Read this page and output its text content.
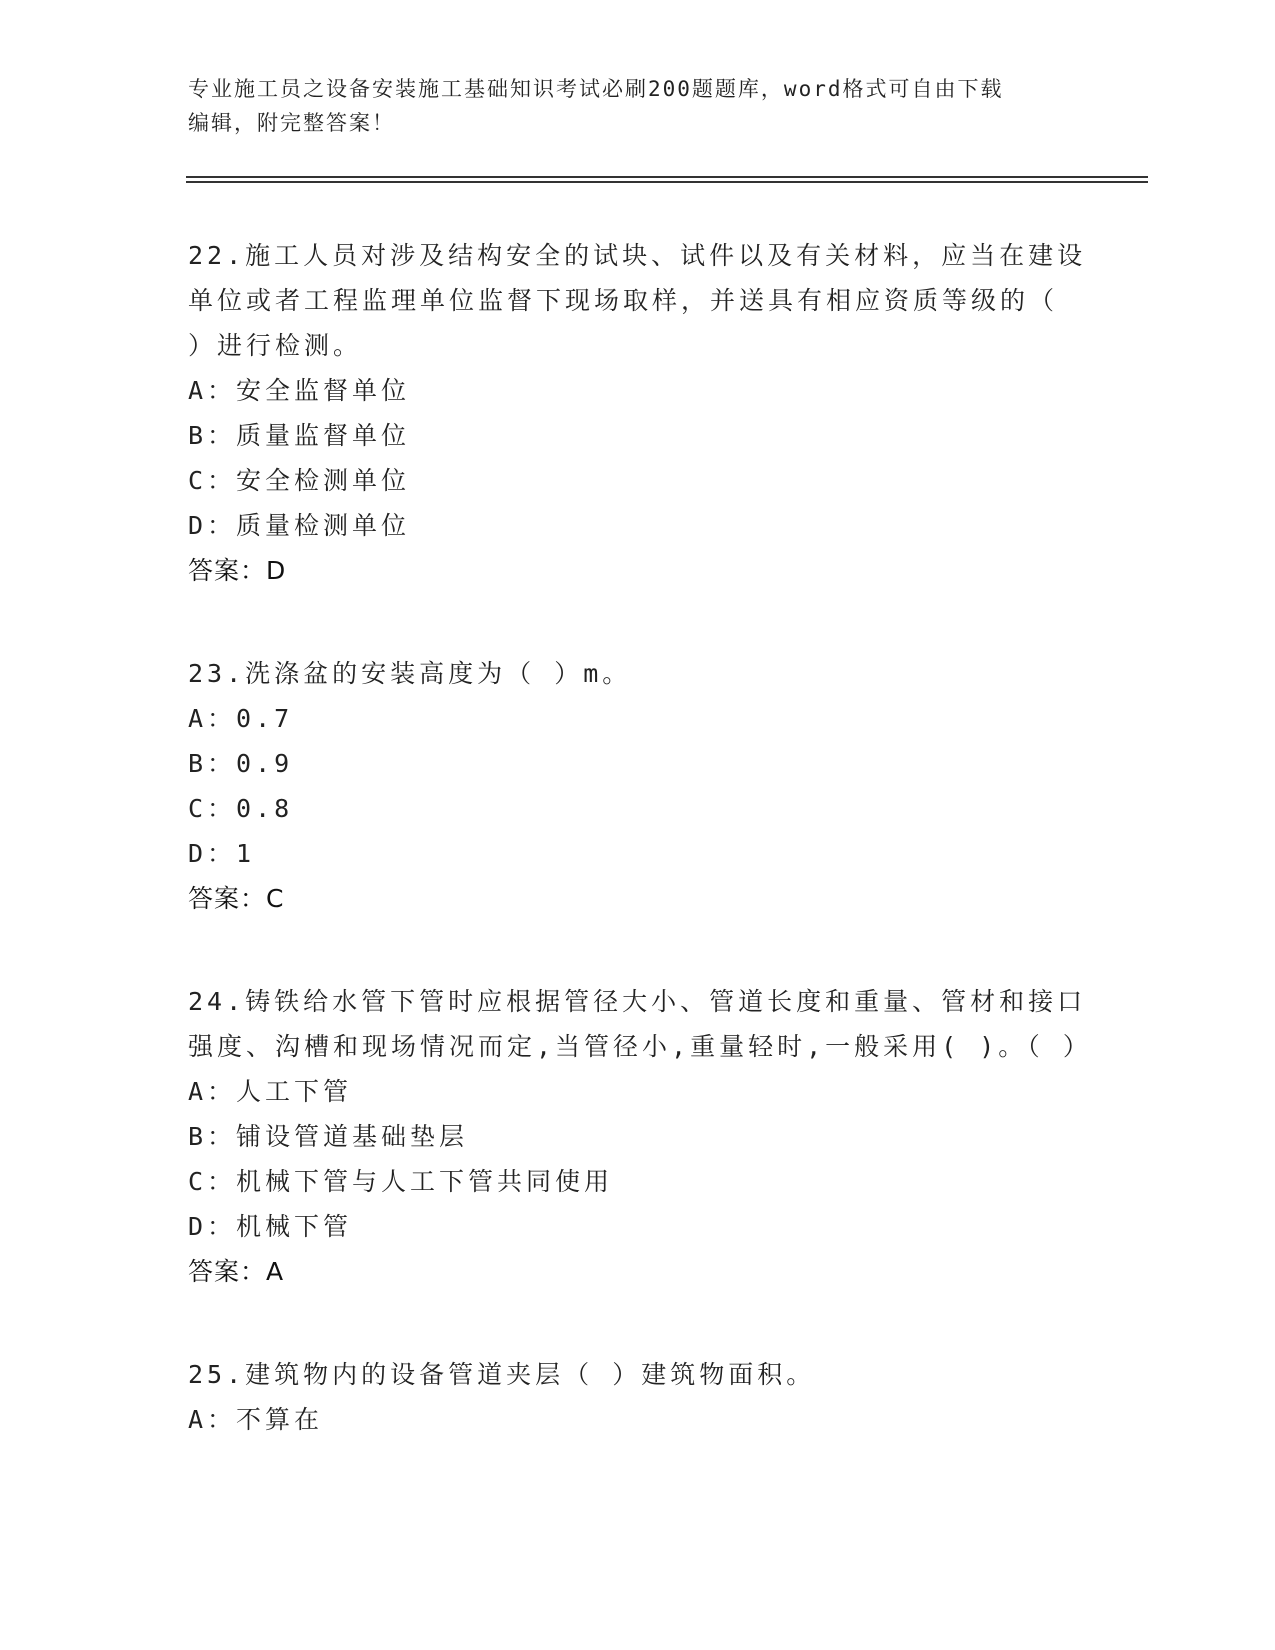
专业施工员之设备安装施工基础知识考试必刷200题题库，word格式可自由下载
编辑，附完整答案！

22.施工人员对涉及结构安全的试块、试件以及有关材料，应当在建设单位或者工程监理单位监督下现场取样，并送具有相应资质等级的（ ）进行检测。

A：安全监督单位

B：质量监督单位

C：安全检测单位

D：质量检测单位

答案：D

23.洗涤盆的安装高度为（ ）m。

A：0.7

B：0.9

C：0.8

D：1

答案：C

24.铸铁给水管下管时应根据管径大小、管道长度和重量、管材和接口强度、沟槽和现场情况而定,当管径小,重量轻时,一般采用( )。（ ）

A：人工下管

B：铺设管道基础垫层

C：机械下管与人工下管共同使用

D：机械下管

答案：A

25.建筑物内的设备管道夹层（ ）建筑物面积。

A：不算在
